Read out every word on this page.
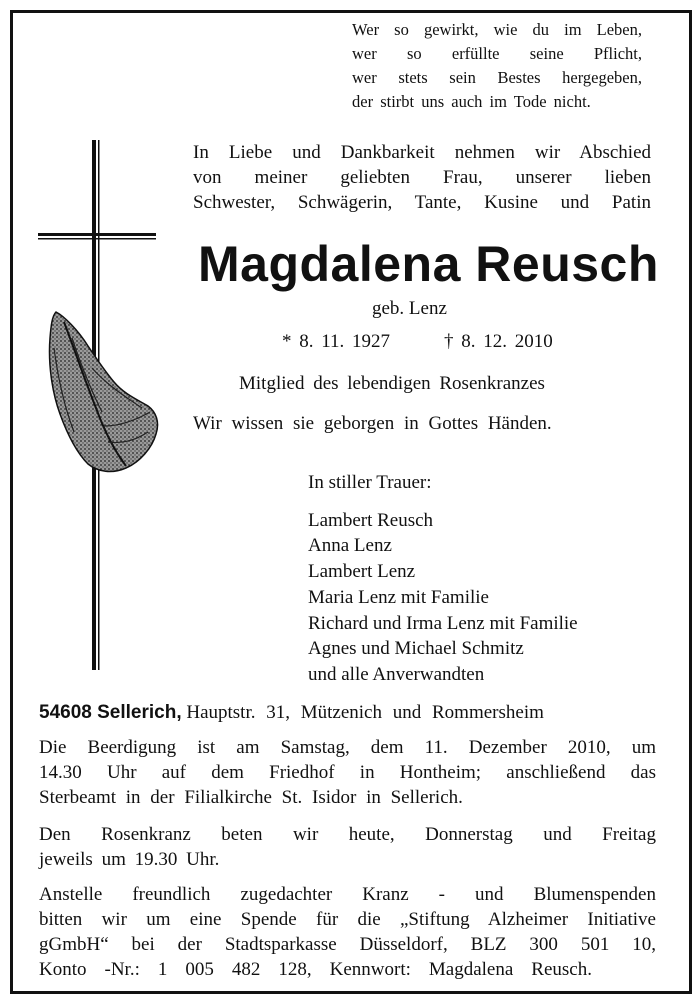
Wer so gewirkt, wie du im Leben,
wer so erfüllte seine Pflicht,
wer stets sein Bestes hergegeben,
der stirbt uns auch im Tode nicht.
In Liebe und Dankbarkeit nehmen wir Abschied
von meiner geliebten Frau, unserer lieben
Schwester, Schwägerin, Tante, Kusine und Patin
Magdalena Reusch
geb. Lenz
* 8. 11. 1927	† 8. 12. 2010
Mitglied des lebendigen Rosenkranzes
Wir wissen sie geborgen in Gottes Händen.
In stiller Trauer:
Lambert Reusch
Anna Lenz
Lambert Lenz
Maria Lenz mit Familie
Richard und Irma Lenz mit Familie
Agnes und Michael Schmitz
und alle Anverwandten
54608 Sellerich, Hauptstr. 31, Mützenich und Rommersheim
Die Beerdigung ist am Samstag, dem 11. Dezember 2010, um
14.30 Uhr auf dem Friedhof in Hontheim; anschließend das
Sterbeamt in der Filialkirche St. Isidor in Sellerich.
Den Rosenkranz beten wir heute, Donnerstag und Freitag
jeweils um 19.30 Uhr.
Anstelle freundlich zugedachter Kranz - und Blumenspenden
bitten wir um eine Spende für die „Stiftung Alzheimer Initiative
gGmbH“ bei der Stadtsparkasse Düsseldorf, BLZ 300 501 10,
Konto -Nr.: 1 005 482 128, Kennwort: Magdalena Reusch.
